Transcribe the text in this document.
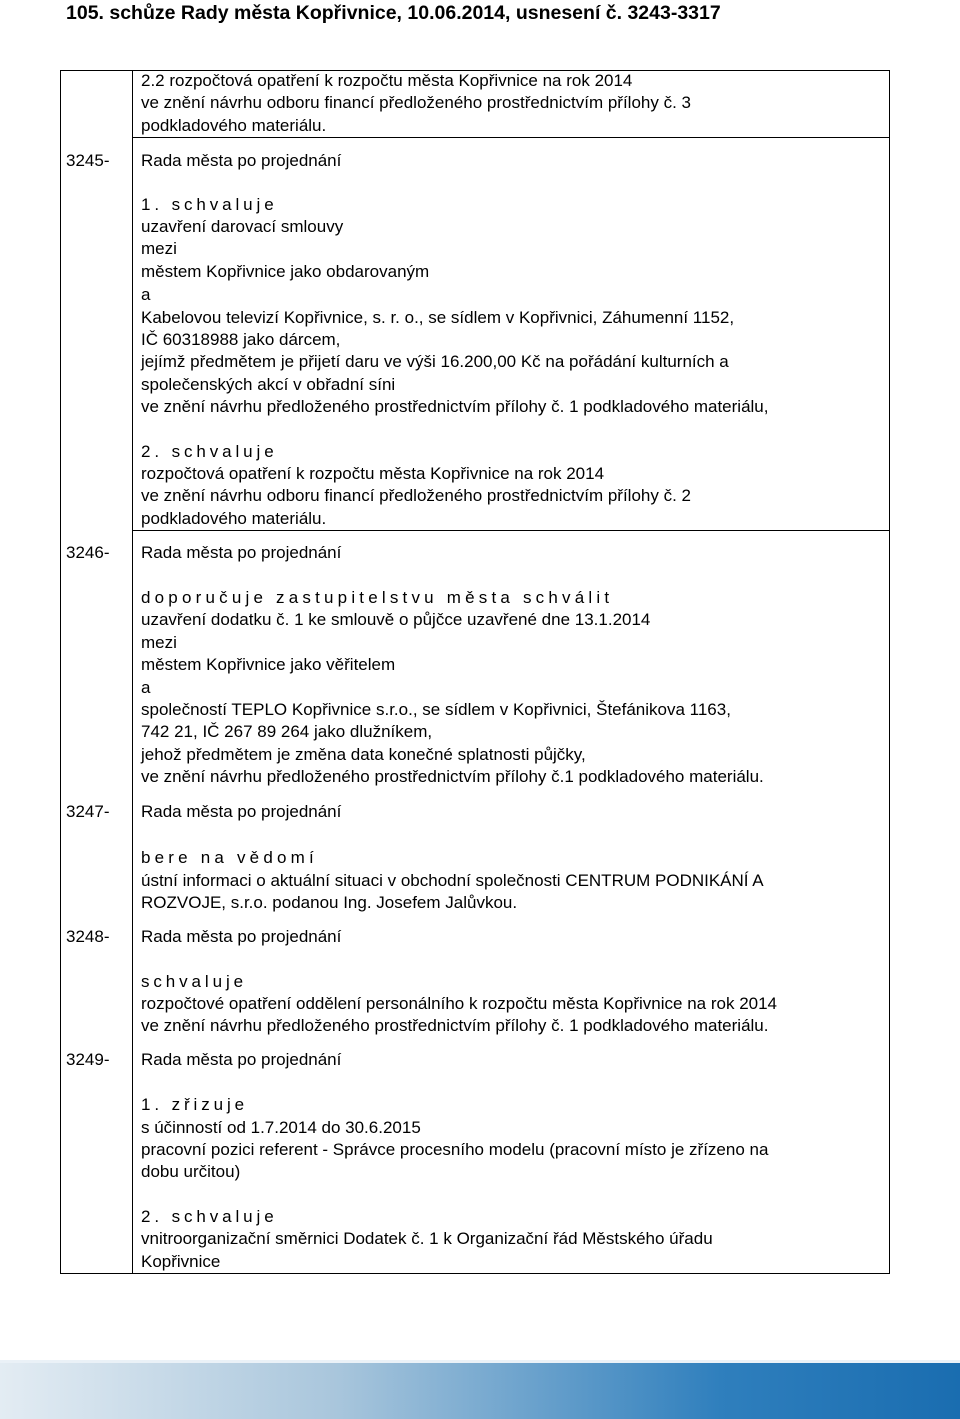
105. schůze Rady města Kopřivnice, 10.06.2014, usnesení č. 3243-3317
2.2 rozpočtová opatření k rozpočtu města Kopřivnice na rok 2014
ve znění návrhu odboru financí předloženého prostřednictvím přílohy č. 3
podkladového materiálu.
3245- Rada města po projednání
1. schvaluje
uzavření darovací smlouvy
mezi
městem Kopřivnice jako obdarovaným
a
Kabelovou televizí Kopřivnice, s. r. o., se sídlem v Kopřivnici, Záhumenní 1152,
IČ 60318988 jako dárcem,
jejímž předmětem je přijetí daru ve výši 16.200,00 Kč na pořádání kulturních a
společenských akcí v obřadní síni
ve znění návrhu předloženého prostřednictvím přílohy č. 1 podkladového materiálu,
2. schvaluje
rozpočtová opatření k rozpočtu města Kopřivnice na rok 2014
ve znění návrhu odboru financí předloženého prostřednictvím přílohy č. 2
podkladového materiálu.
3246- Rada města po projednání
doporučuje zastupitelstvu města schválit
uzavření dodatku č. 1 ke smlouvě o půjčce uzavřené dne 13.1.2014
mezi
městem Kopřivnice jako věřitelem
a
společností TEPLO Kopřivnice s.r.o., se sídlem v Kopřivnici, Štefánikova 1163,
742 21, IČ 267 89 264 jako dlužníkem,
jehož předmětem je změna data konečné splatnosti půjčky,
ve znění návrhu předloženého prostřednictvím přílohy č.1 podkladového materiálu.
3247- Rada města po projednání
bere na vědomí
ústní informaci o aktuální situaci v obchodní společnosti CENTRUM PODNIKÁNÍ A
ROZVOJE, s.r.o. podanou Ing. Josefem Jalůvkou.
3248- Rada města po projednání
schvaluje
rozpočtové opatření oddělení personálního k rozpočtu města Kopřivnice na rok 2014
ve znění návrhu předloženého prostřednictvím přílohy č. 1 podkladového materiálu.
3249- Rada města po projednání
1. zřizuje
s účinností od 1.7.2014 do 30.6.2015
pracovní pozici referent - Správce procesního modelu (pracovní místo je zřízeno na
dobu určitou)
2. schvaluje
vnitroorganizační směrnici Dodatek č. 1 k Organizační řád Městského úřadu
Kopřivnice
